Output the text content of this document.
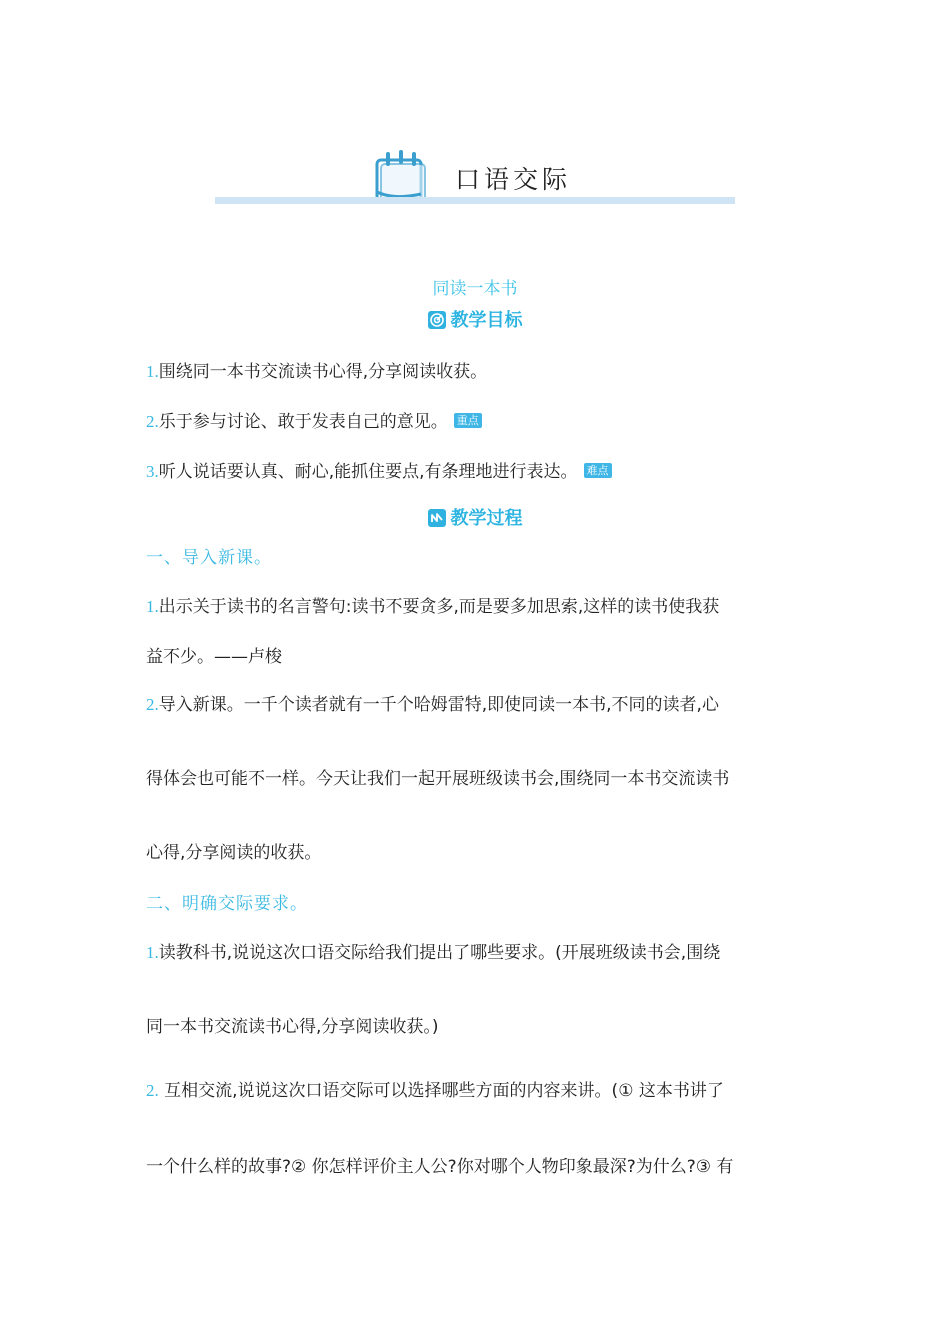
口语交际
同读一本书
教学目标
1.围绕同一本书交流读书心得,分享阅读收获。
2.乐于参与讨论、敢于发表自己的意见。 重点
3.听人说话要认真、耐心,能抓住要点,有条理地进行表达。 难点
教学过程
一、导入新课。
1.出示关于读书的名言警句:读书不要贪多,而是要多加思索,这样的读书使我获
益不少。——卢梭
2.导入新课。一千个读者就有一千个哈姆雷特,即使同读一本书,不同的读者,心
得体会也可能不一样。今天让我们一起开展班级读书会,围绕同一本书交流读书
心得,分享阅读的收获。
二、明确交际要求。
1.读教科书,说说这次口语交际给我们提出了哪些要求。(开展班级读书会,围绕
同一本书交流读书心得,分享阅读收获。)
2. 互相交流,说说这次口语交际可以选择哪些方面的内容来讲。(① 这本书讲了
一个什么样的故事?② 你怎样评价主人公?你对哪个人物印象最深?为什么?③ 有
